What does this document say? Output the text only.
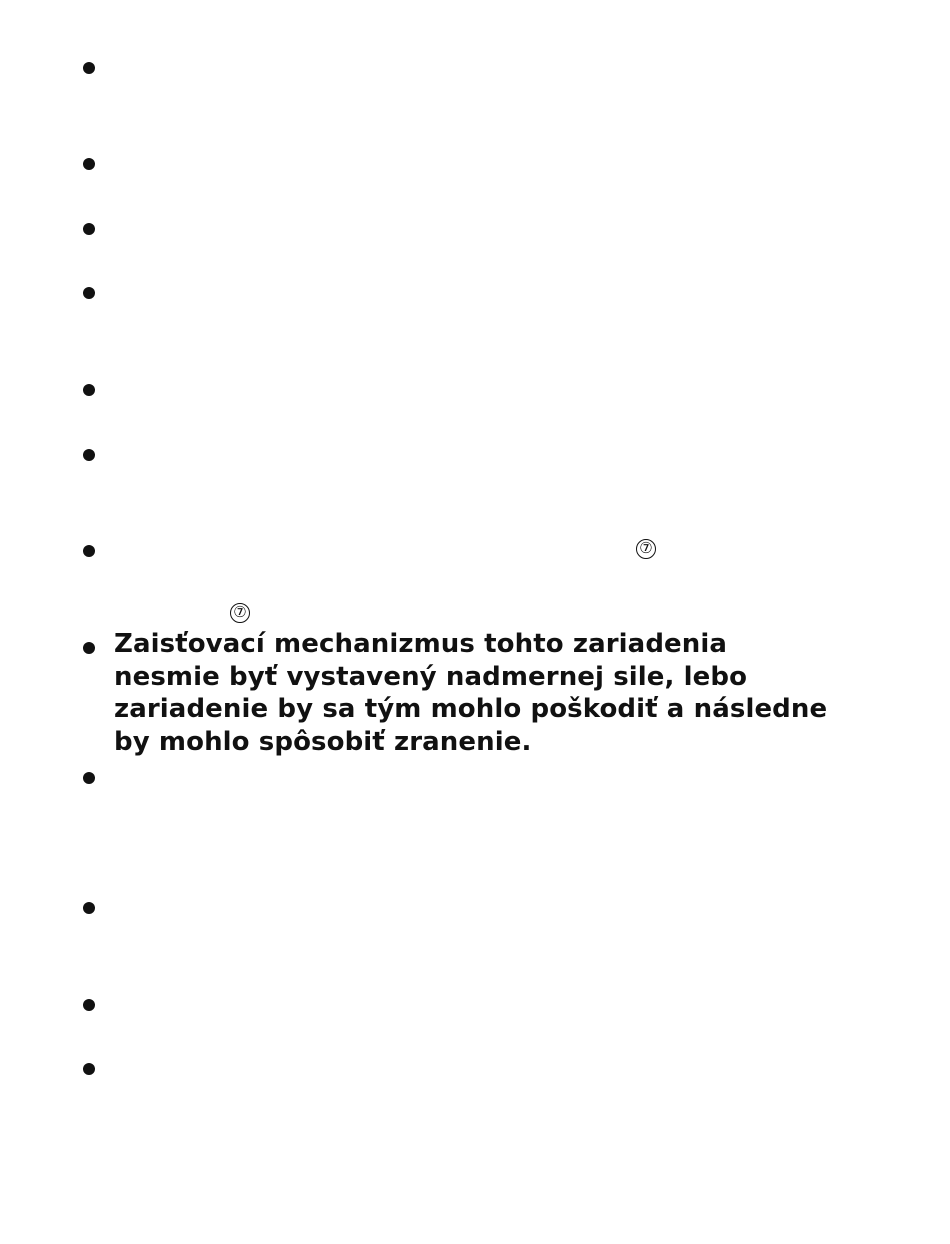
⑦
⑦

Zaisťovací mechanizmus tohto zariadenia
nesmie byť vystavený nadmernej sile, lebo
zariadenie by sa tým mohlo poškodiť a následne
by mohlo spôsobiť zranenie.
